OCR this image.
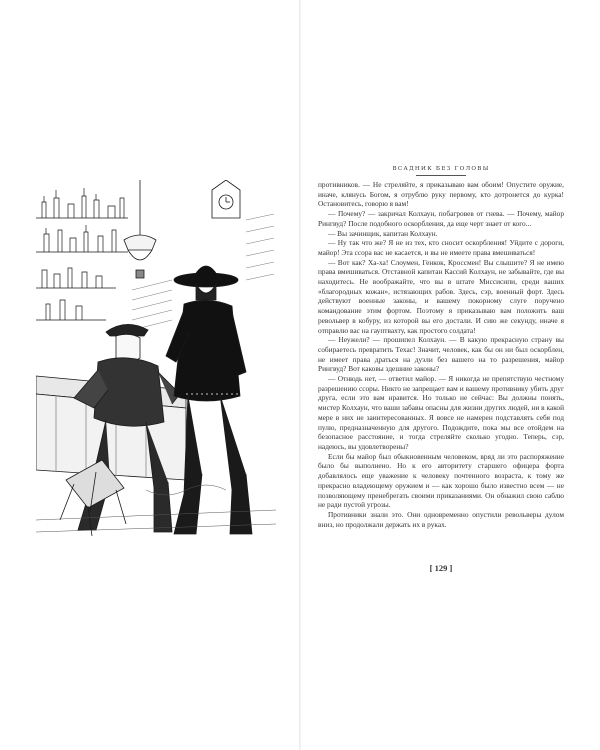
ВСАДНИК БЕЗ ГОЛОВЫ

противников. — Не стреляйте, я приказываю вам обоим! Опустите оружие, иначе, клянусь Богом, я отрублю руку первому, кто дотронется до курка! Остановитесь, говорю я вам!

— Почему? — закричал Колхаун, побагровев от гнева. — Почему, майор Рингвуд? После подобного оскорбления, да еще черт знает от кого...

— Вы зачинщик, капитан Колхаун.

— Ну так что же? Я не из тех, кто сносит оскорбления! Уйдите с дороги, майор! Эта ссора вас не касается, и вы не имеете права вмешиваться!

— Вот как? Ха-ха! Слоумен, Генкок, Кроссмен! Вы слышите? Я не имею права вмешиваться. Отставной капитан Кассий Колхаун, не забывайте, где вы находитесь. Не воображайте, что вы в штате Миссисипи, среди ваших «благородных кожан», истязающих рабов. Здесь, сэр, военный форт. Здесь действуют военные законы, и вашему покорному слуге поручено командование этим фортом. Поэтому я приказываю вам положить ваш револьвер в кобуру, из которой вы его достали. И сию же секунду, иначе я отправлю вас на гауптвахту, как простого солдата!

— Неужели? — прошипел Колхаун. — В какую прекрасную страну вы собираетесь превратить Техас! Значит, человек, как бы он ни был оскорблен, не имеет права драться на дуэли без вашего на то разрешения, майор Рингвуд? Вот каковы здешние законы?

— Отнюдь нет, — ответил майор. — Я никогда не препятствую честному разрешению ссоры. Никто не запрещает вам и вашему противнику убить друг друга, если это вам нравится. Но только не сейчас: Вы должны понять, мистер Колхаун, что ваши забавы опасны для жизни других людей, ни в какой мере в них не заинтересованных. Я вовсе не намерен подставлять себя под пулю, предназначенную для другого. Подождите, пока мы все отойдем на безопасное расстояние, и тогда стреляйте сколько угодно. Теперь, сэр, надеюсь, вы удовлетворены?

Если бы майор был обыкновенным человеком, вряд ли это распоряжение было бы выполнено. Но к его авторитету старшего офицера форта добавлялось еще уважение к человеку почтенного возраста, к тому же прекрасно владеющему оружием и — как хорошо было известно всем — не позволяющему пренебрегать своими приказаниями. Он обнажил свою саблю не ради пустой угрозы.

Противники знали это. Они одновременно опустили револьверы дулом вниз, но продолжали держать их в руках.

[ 129 ]
